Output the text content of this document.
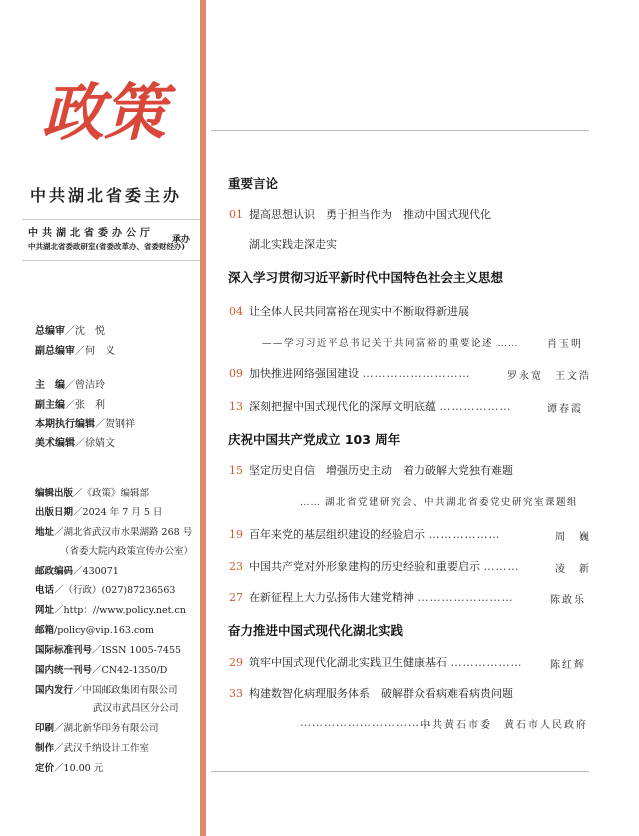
政策
中共湖北省委主办
中共湖北省委办公厅
中共湖北省委政研室(省委改革办、省委财经办)
承办
总编审／沈　悦
副总编审／何　义
主　编／曾洁玲
副主编／张　利
本期执行编辑／贺钢祥
美术编辑／徐婧文
编辑出版／《政策》编辑部
出版日期／2024 年 7 月 5 日
地址／湖北省武汉市水果湖路 268 号
（省委大院内政策宣传办公室）
邮政编码／430071
电话／（行政）(027)87236563
网址／http：//www.policy.net.cn
邮箱/policy@vip.163.com
国际标准刊号／ISSN 1005-7455
国内统一刊号／CN42-1350/D
国内发行／中国邮政集团有限公司
武汉市武昌区分公司
印刷／湖北新华印务有限公司
制作／武汉千纳设计工作室
定价／10.00 元
重要言论
01 提高思想认识　勇于担当作为　推动中国式现代化
湖北实践走深走实
深入学习贯彻习近平新时代中国特色社会主义思想
04 让全体人民共同富裕在现实中不断取得新进展
——学习习近平总书记关于共同富裕的重要论述 ……	肖玉明
09 加快推进网络强国建设 ………………………	罗永宽　王文浩
13 深刻把握中国式现代化的深厚文明底蕴 ………………	谭春霞
庆祝中国共产党成立 103 周年
15 坚定历史自信　增强历史主动　着力破解大党独有难题
…… 湖北省党建研究会、中共湖北省委党史研究室课题组
19 百年来党的基层组织建设的经验启示 ………………	周　巍
23 中国共产党对外形象建构的历史经验和重要启示 ………	凌　新
27 在新征程上大力弘扬伟大建党精神 ……………………	陈敢乐
奋力推进中国式现代化湖北实践
29 筑牢中国式现代化湖北实践卫生健康基石 ………………	陈红辉
33 构建数智化病理服务体系　破解群众看病难看病贵问题
……………………………
中共黄石市委　黄石市人民政府
